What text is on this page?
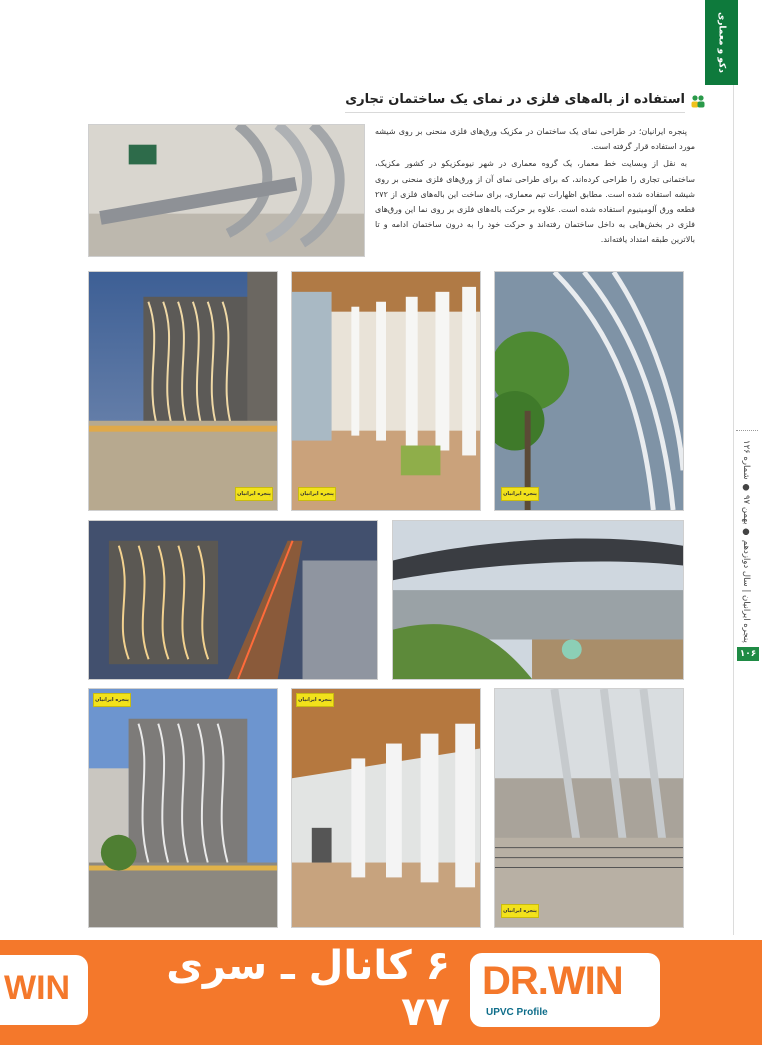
دکو و معماری
پنجره ایرانیان | سال دوازدهم ● بهمن ۹۷ ● شماره ۱۲۶
۱۰۶
استفاده از باله‌های فلزی در نمای یک ساختمان تجاری

پنجره ایرانیان؛ در طراحی نمای یک ساختمان در مکزیک ورق‌های فلزی منحنی بر روی شیشه مورد استفاده قرار گرفته است.

به نقل از وبسایت خط معمار، یک گروه معماری در شهر نیومکزیکو در کشور مکزیک، ساختمانی تجاری را طراحی کرده‌اند، که برای طراحی نمای آن از ورق‌های فلزی منحنی بر روی شیشه استفاده شده است. مطابق اظهارات تیم معماری، برای ساخت این باله‌های فلزی از ۲۷۲ قطعه ورق آلومینیوم استفاده شده است. علاوه بر حرکت باله‌های فلزی بر روی نما این ورق‌های فلزی در بخش‌هایی به داخل ساختمان رفته‌اند و حرکت خود را به درون ساختمان ادامه و تا بالاترین طبقه امتداد یافته‌اند.

پنجره ایرانیان	پنجره ایرانیان	پنجره ایرانیان
پنجره ایرانیان	پنجره ایرانیان
پنجره ایرانیان
WIN	۶ کانال ـ سری ۷۷
DR.WIN
UPVC Profile
